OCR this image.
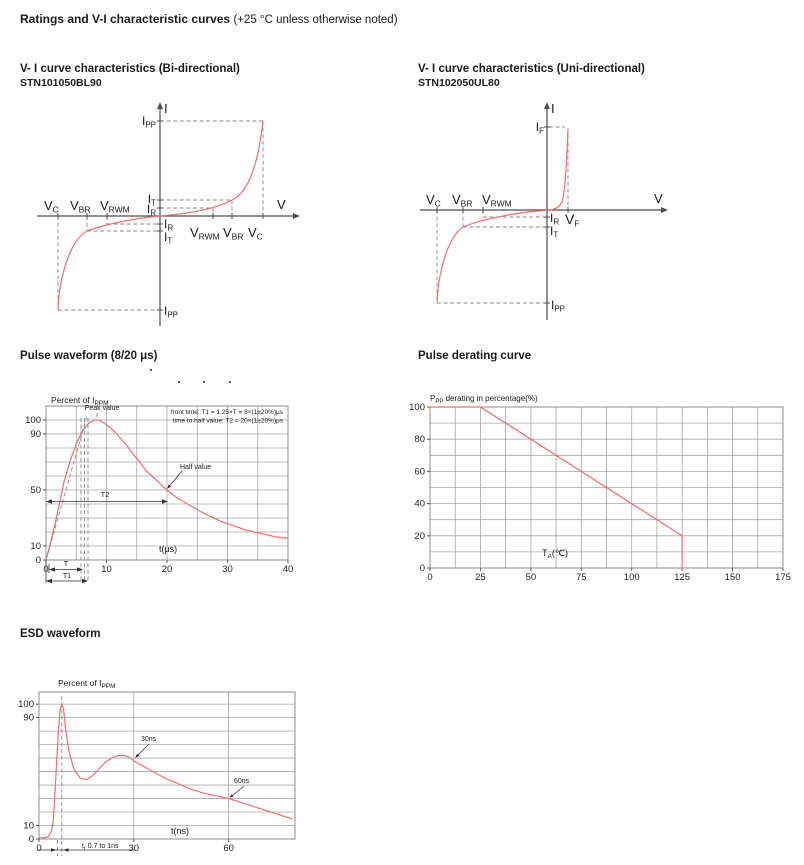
Ratings and V-I characteristic curves (+25 °C unless otherwise noted)
V- I curve characteristics (Bi-directional)
STN101050BL90
V- I curve characteristics (Uni-directional)
STN102050UL80
I
V
IPP
IT
IR
VC VBR VRWM
IR
IT
VRWM VBR VC
IPP
I
V
IF
VC VBR VRWM
IR VF
IT
IPP
Pulse waveform (8/20 μs)
0	10	20	30	40
0
10
50
90
100
Percent of $I_{PPM}$
Peak value
front time: T1 = 1.25×T = 8×(1±20%)μs
time to half value: T2 = 20×(1±20%)μs
Half value
T2
T
T1
t(μs)
Pulse derating curve
0	25	50	75	100	125	150	175
0
20
40
60
80
100
$P_{PP}$ derating in percentage(%)
$T_A(℃)$
ESD waveform
0	30	60
0
10
90
100
Percent of $I_{PPM}$
30ns
60ns
$t_r$ 0.7 to 1ns
t(ns)
